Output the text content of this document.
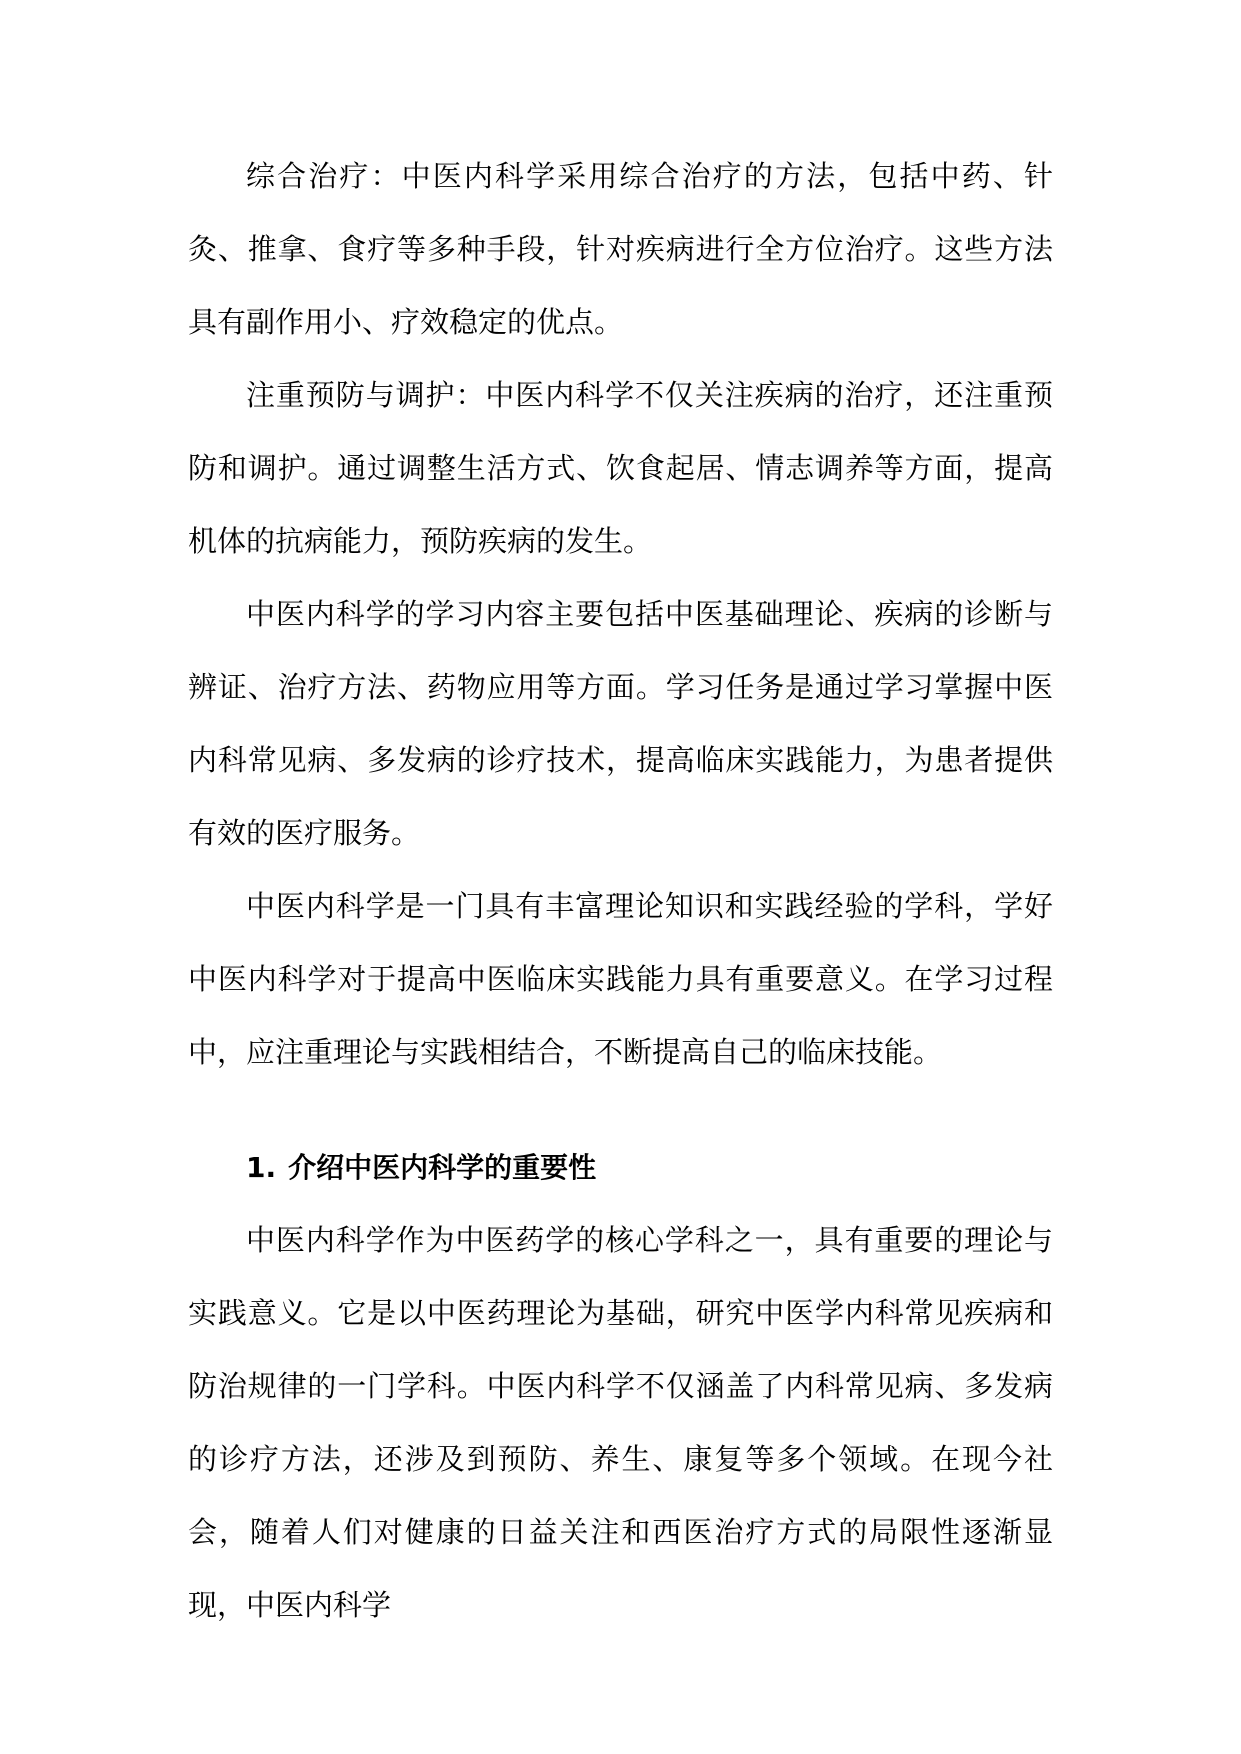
综合治疗：中医内科学采用综合治疗的方法，包括中药、针灸、推拿、食疗等多种手段，针对疾病进行全方位治疗。这些方法具有副作用小、疗效稳定的优点。

注重预防与调护：中医内科学不仅关注疾病的治疗，还注重预防和调护。通过调整生活方式、饮食起居、情志调养等方面，提高机体的抗病能力，预防疾病的发生。

中医内科学的学习内容主要包括中医基础理论、疾病的诊断与辨证、治疗方法、药物应用等方面。学习任务是通过学习掌握中医内科常见病、多发病的诊疗技术，提高临床实践能力，为患者提供有效的医疗服务。

中医内科学是一门具有丰富理论知识和实践经验的学科，学好中医内科学对于提高中医临床实践能力具有重要意义。在学习过程中，应注重理论与实践相结合，不断提高自己的临床技能。

1. 介绍中医内科学的重要性

中医内科学作为中医药学的核心学科之一，具有重要的理论与实践意义。它是以中医药理论为基础，研究中医学内科常见疾病和防治规律的一门学科。中医内科学不仅涵盖了内科常见病、多发病的诊疗方法，还涉及到预防、养生、康复等多个领域。在现今社会，随着人们对健康的日益关注和西医治疗方式的局限性逐渐显现，中医内科学
